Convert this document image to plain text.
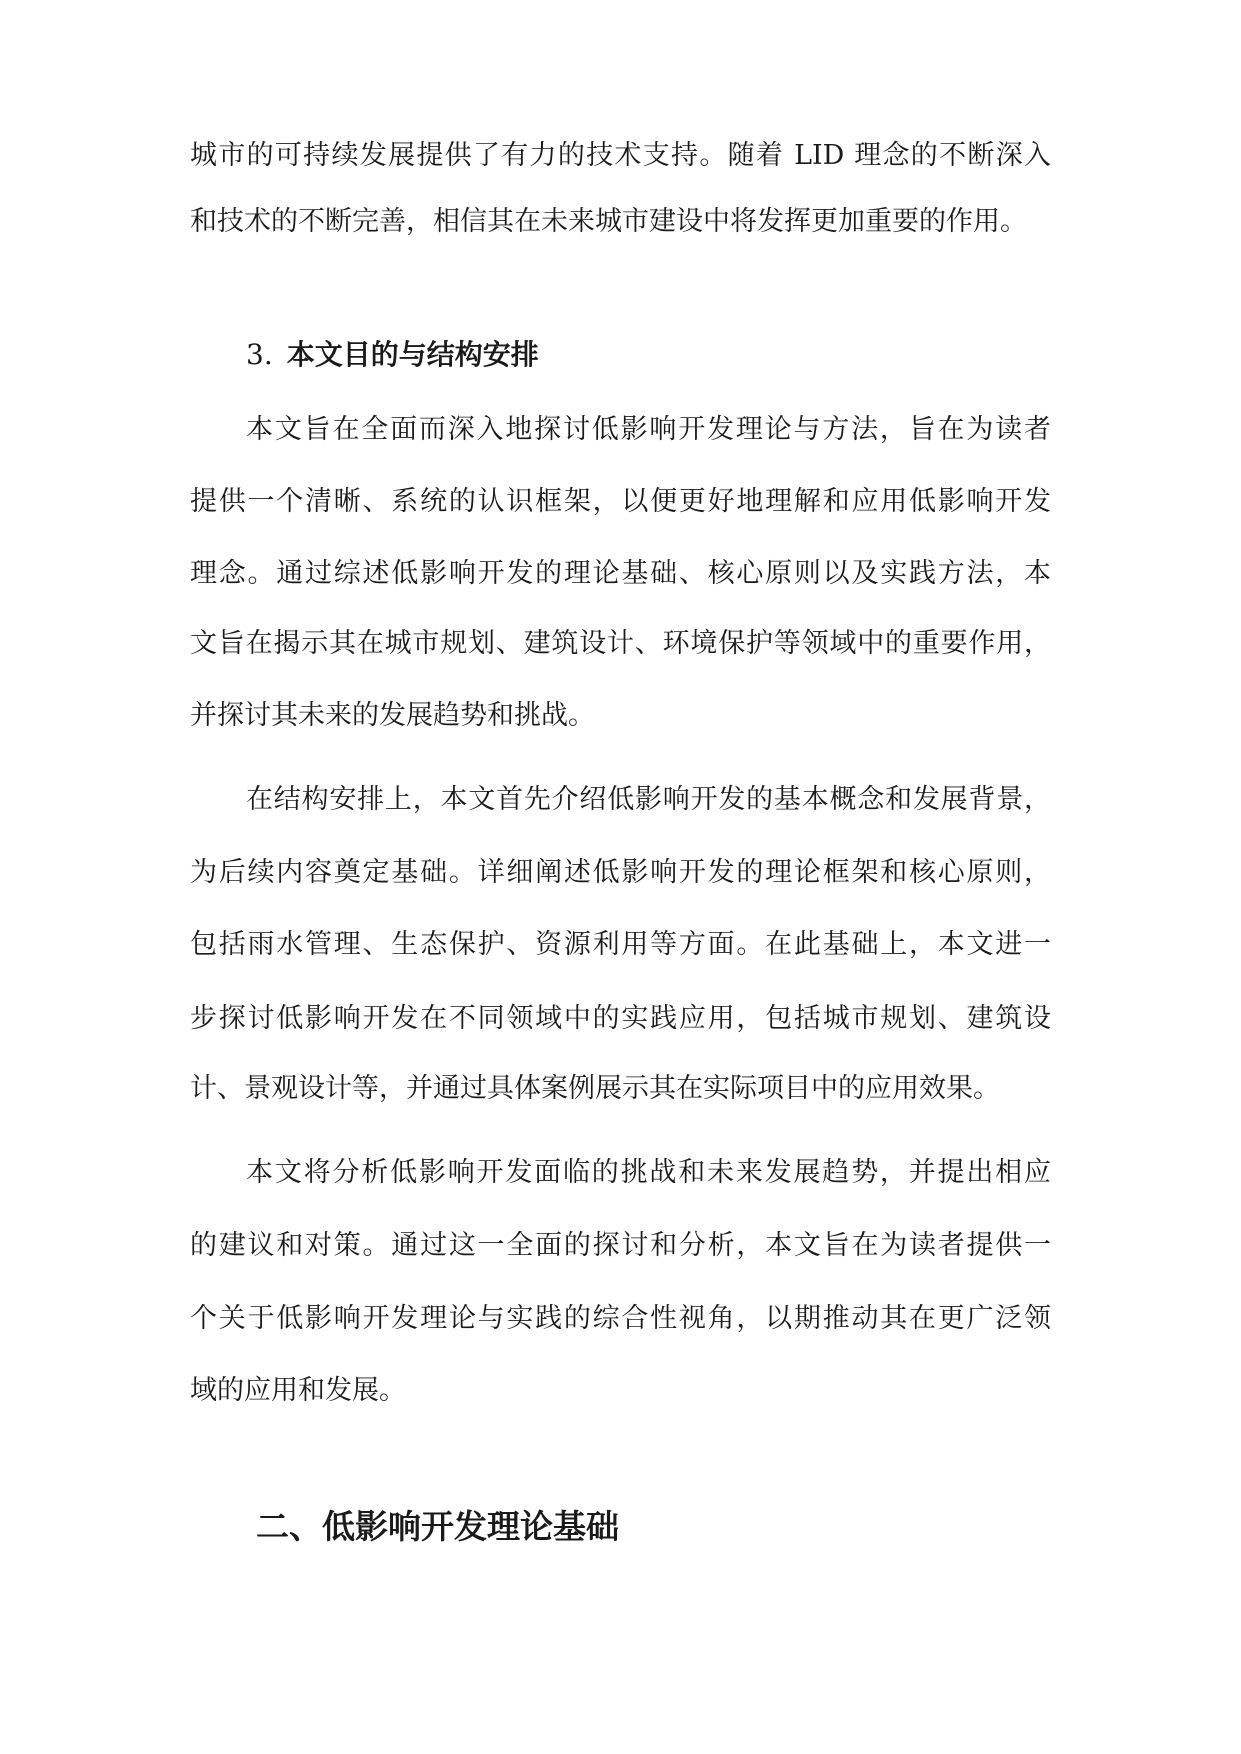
城市的可持续发展提供了有力的技术支持。随着 LID 理念的不断深入
和技术的不断完善，相信其在未来城市建设中将发挥更加重要的作用。
3. 本文目的与结构安排
本文旨在全面而深入地探讨低影响开发理论与方法，旨在为读者
提供一个清晰、系统的认识框架，以便更好地理解和应用低影响开发
理念。通过综述低影响开发的理论基础、核心原则以及实践方法，本
文旨在揭示其在城市规划、建筑设计、环境保护等领域中的重要作用，
并探讨其未来的发展趋势和挑战。
在结构安排上，本文首先介绍低影响开发的基本概念和发展背景，
为后续内容奠定基础。详细阐述低影响开发的理论框架和核心原则，
包括雨水管理、生态保护、资源利用等方面。在此基础上，本文进一
步探讨低影响开发在不同领域中的实践应用，包括城市规划、建筑设
计、景观设计等，并通过具体案例展示其在实际项目中的应用效果。
本文将分析低影响开发面临的挑战和未来发展趋势，并提出相应
的建议和对策。通过这一全面的探讨和分析，本文旨在为读者提供一
个关于低影响开发理论与实践的综合性视角，以期推动其在更广泛领
域的应用和发展。
二、低影响开发理论基础
